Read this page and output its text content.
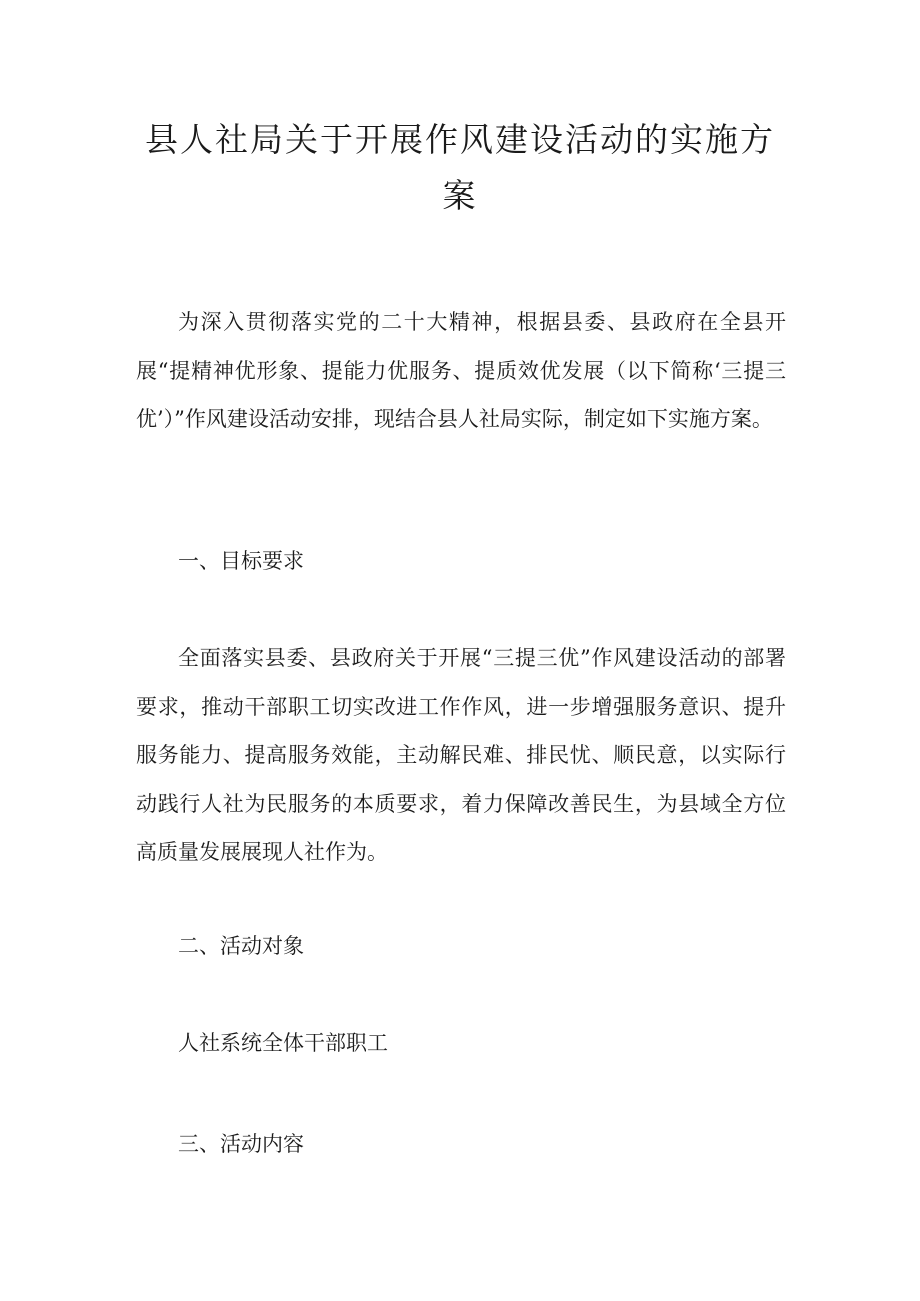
县人社局关于开展作风建设活动的实施方案

为深入贯彻落实党的二十大精神，根据县委、县政府在全县开展“提精神优形象、提能力优服务、提质效优发展（以下简称‘三提三优’）”作风建设活动安排，现结合县人社局实际，制定如下实施方案。

一、目标要求

全面落实县委、县政府关于开展“三提三优”作风建设活动的部署要求，推动干部职工切实改进工作作风，进一步增强服务意识、提升服务能力、提高服务效能，主动解民难、排民忧、顺民意，以实际行动践行人社为民服务的本质要求，着力保障改善民生，为县域全方位高质量发展展现人社作为。

二、活动对象

人社系统全体干部职工

三、活动内容
